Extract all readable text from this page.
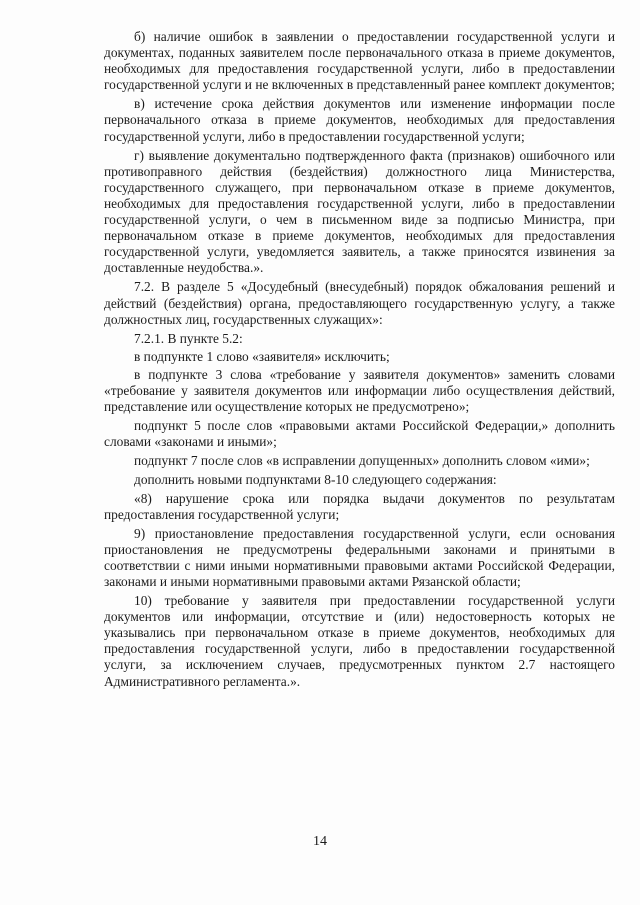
б) наличие ошибок в заявлении о предоставлении государственной услуги и документах, поданных заявителем после первоначального отказа в приеме документов, необходимых для предоставления государственной услуги, либо в предоставлении государственной услуги и не включенных в представленный ранее комплект документов;

в) истечение срока действия документов или изменение информации после первоначального отказа в приеме документов, необходимых для предоставления государственной услуги, либо в предоставлении государственной услуги;

г) выявление документально подтвержденного факта (признаков) ошибочного или противоправного действия (бездействия) должностного лица Министерства, государственного служащего, при первоначальном отказе в приеме документов, необходимых для предоставления государственной услуги, либо в предоставлении государственной услуги, о чем в письменном виде за подписью Министра, при первоначальном отказе в приеме документов, необходимых для предоставления государственной услуги, уведомляется заявитель, а также приносятся извинения за доставленные неудобства.».

7.2. В разделе 5 «Досудебный (внесудебный) порядок обжалования решений и действий (бездействия) органа, предоставляющего государственную услугу, а также должностных лиц, государственных служащих»:

7.2.1. В пункте 5.2:

в подпункте 1 слово «заявителя» исключить;

в подпункте 3 слова «требование у заявителя документов» заменить словами «требование у заявителя документов или информации либо осуществления действий, представление или осуществление которых не предусмотрено»;

подпункт 5 после слов «правовыми актами Российской Федерации,» дополнить словами «законами и иными»;

подпункт 7 после слов «в исправлении допущенных» дополнить словом «ими»;

дополнить новыми подпунктами 8-10 следующего содержания:

«8) нарушение срока или порядка выдачи документов по результатам предоставления государственной услуги;

9) приостановление предоставления государственной услуги, если основания приостановления не предусмотрены федеральными законами и принятыми в соответствии с ними иными нормативными правовыми актами Российской Федерации, законами и иными нормативными правовыми актами Рязанской области;

10) требование у заявителя при предоставлении государственной услуги документов или информации, отсутствие и (или) недостоверность которых не указывались при первоначальном отказе в приеме документов, необходимых для предоставления государственной услуги, либо в предоставлении государственной услуги, за исключением случаев, предусмотренных пунктом 2.7 настоящего Административного регламента.».

14
